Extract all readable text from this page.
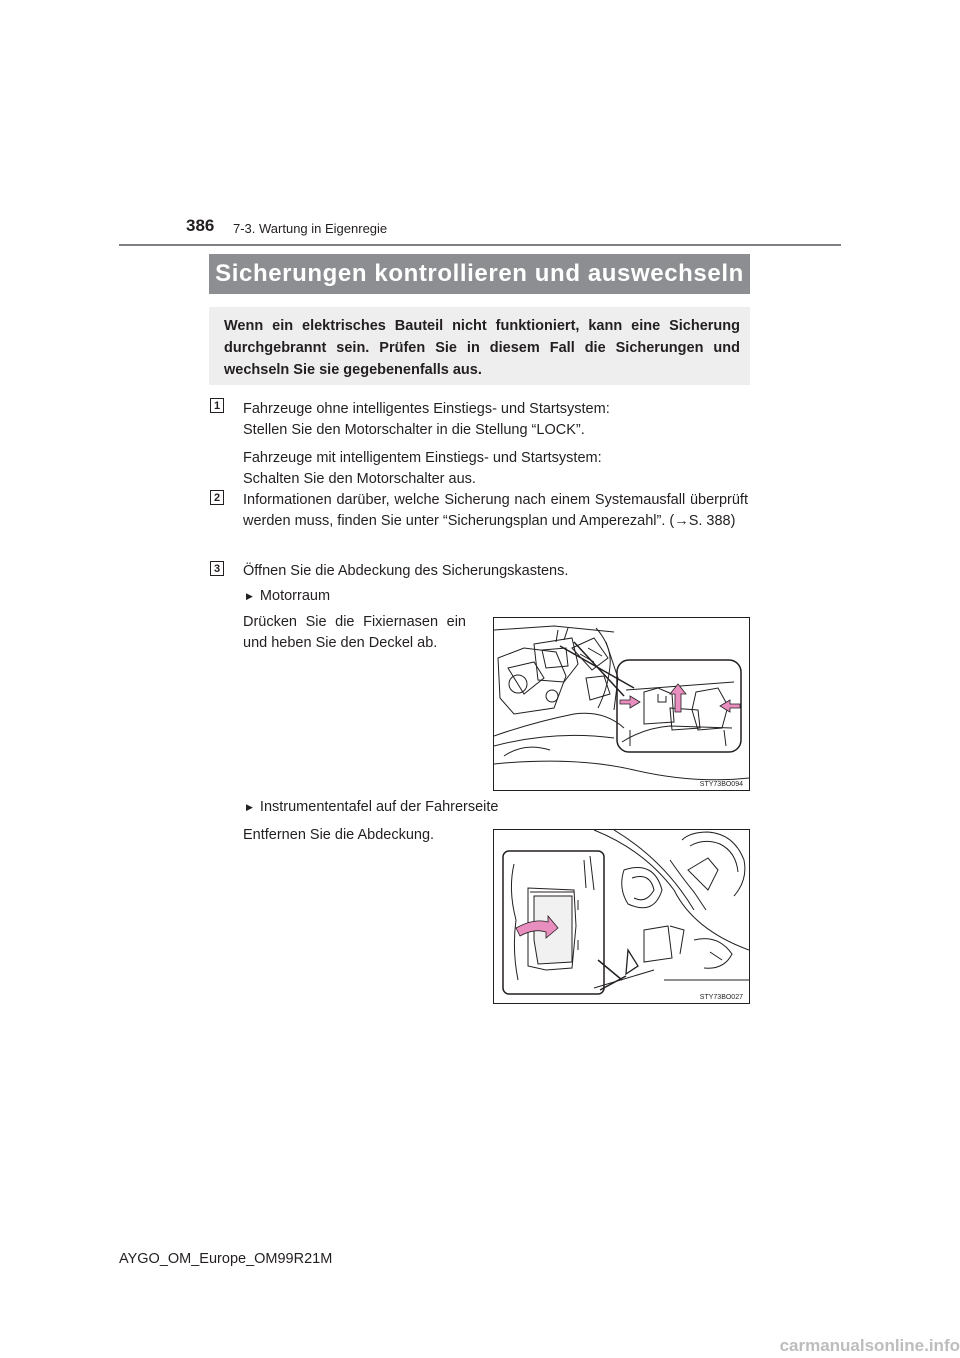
386 7-3. Wartung in Eigenregie
Sicherungen kontrollieren und auswechseln

Wenn ein elektrisches Bauteil nicht funktioniert, kann eine Sicherung durchgebrannt sein. Prüfen Sie in diesem Fall die Sicherungen und wechseln Sie sie gegebenenfalls aus.

1 Fahrzeuge ohne intelligentes Einstiegs- und Startsystem:

Stellen Sie den Motorschalter in die Stellung “LOCK”.

Fahrzeuge mit intelligentem Einstiegs- und Startsystem:

Schalten Sie den Motorschalter aus.

2 Informationen darüber, welche Sicherung nach einem Systemausfall überprüft werden muss, finden Sie unter “Sicherungsplan und Amperezahl”. (→S. 388)

3 Öffnen Sie die Abdeckung des Sicherungskastens.

▶ Motorraum

Drücken Sie die Fixiernasen ein und heben Sie den Deckel ab.

STY73BO094
▶ Instrumententafel auf der Fahrerseite

Entfernen Sie die Abdeckung.

STY73BO027
AYGO_OM_Europe_OM99R21M
carmanualsonline.info
